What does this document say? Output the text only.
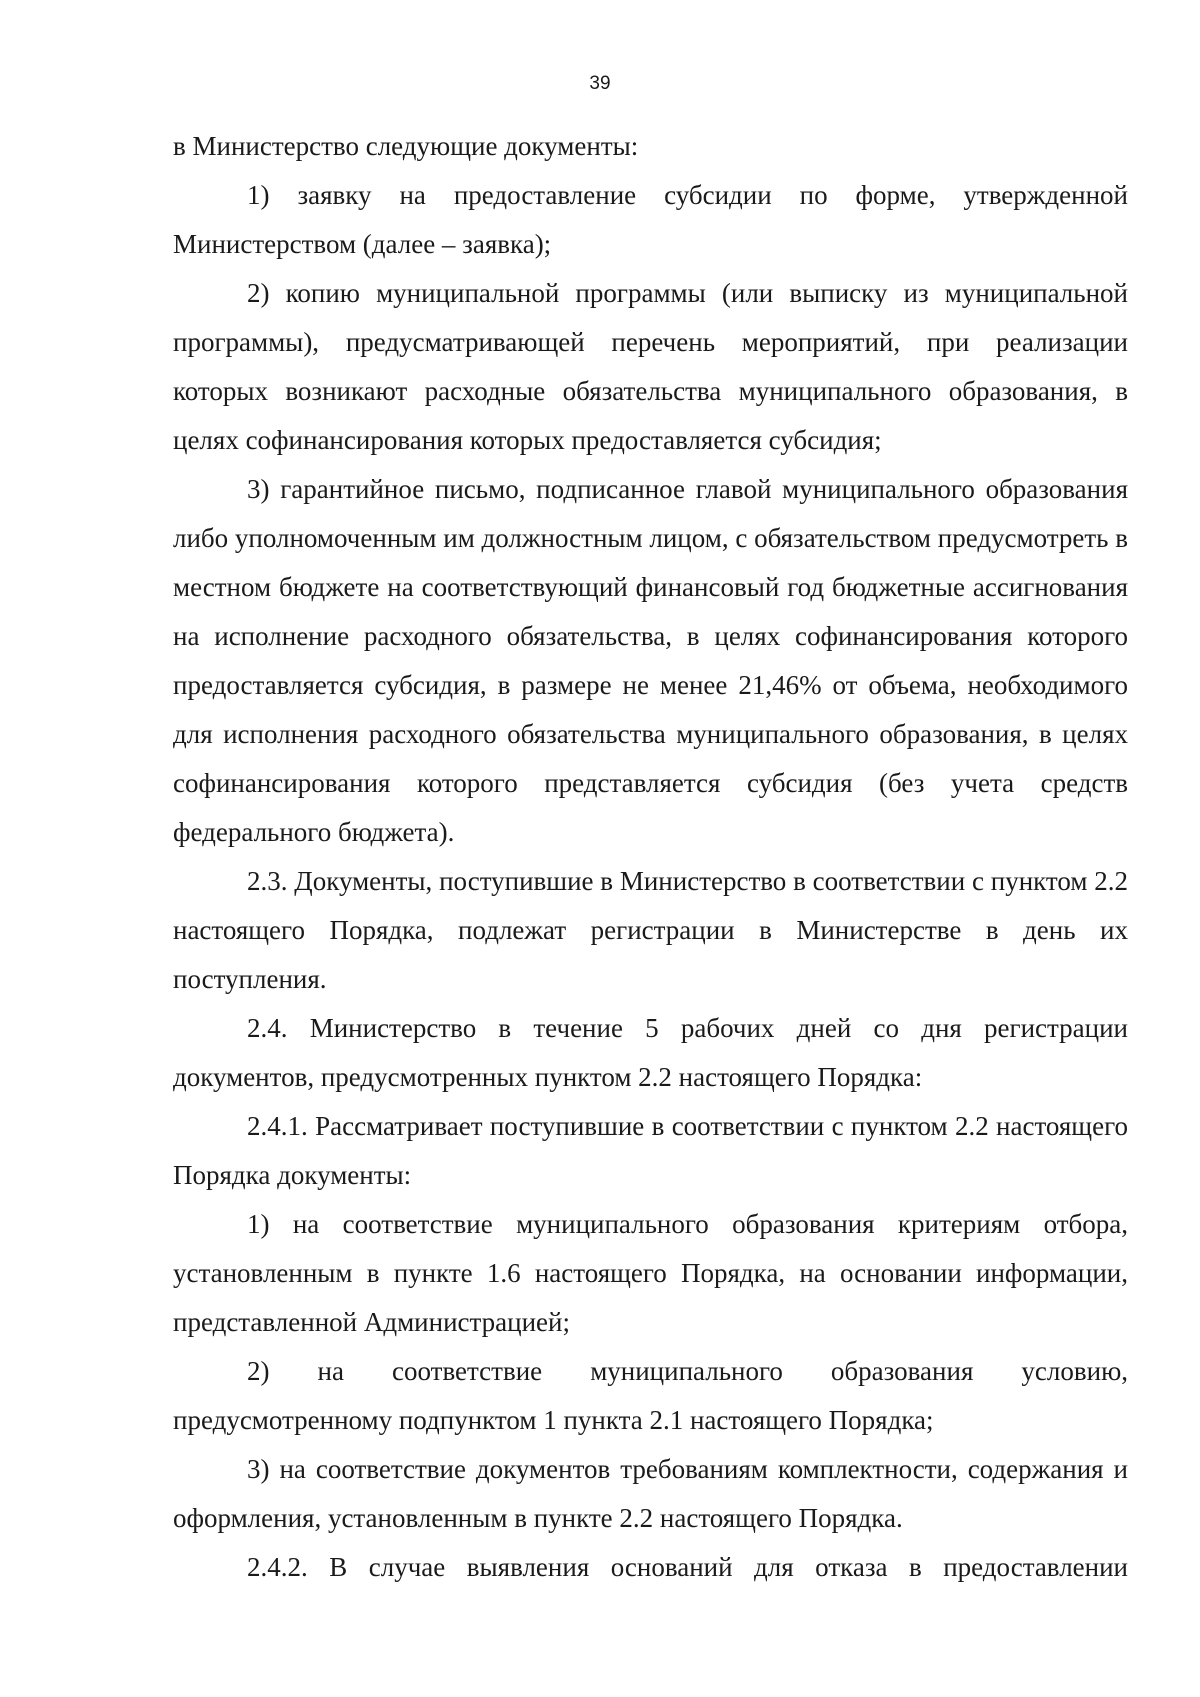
39

в Министерство следующие документы:

1) заявку на предоставление субсидии по форме, утвержденной Министерством (далее – заявка);

2) копию муниципальной программы (или выписку из муниципальной программы), предусматривающей перечень мероприятий, при реализации которых возникают расходные обязательства муниципального образования, в целях софинансирования которых предоставляется субсидия;

3) гарантийное письмо, подписанное главой муниципального образования либо уполномоченным им должностным лицом, с обязательством предусмотреть в местном бюджете на соответствующий финансовый год бюджетные ассигнования на исполнение расходного обязательства, в целях софинансирования которого предоставляется субсидия, в размере не менее 21,46% от объема, необходимого для исполнения расходного обязательства муниципального образования, в целях софинансирования которого представляется субсидия (без учета средств федерального бюджета).

2.3. Документы, поступившие в Министерство в соответствии с пунктом 2.2 настоящего Порядка, подлежат регистрации в Министерстве в день их поступления.

2.4. Министерство в течение 5 рабочих дней со дня регистрации документов, предусмотренных пунктом 2.2 настоящего Порядка:

2.4.1. Рассматривает поступившие в соответствии с пунктом 2.2 настоящего Порядка документы:

1) на соответствие муниципального образования критериям отбора, установленным в пункте 1.6 настоящего Порядка, на основании информации, представленной Администрацией;

2) на соответствие муниципального образования условию, предусмотренному подпунктом 1 пункта 2.1 настоящего Порядка;

3) на соответствие документов требованиям комплектности, содержания и оформления, установленным в пункте 2.2 настоящего Порядка.

2.4.2. В случае выявления оснований для отказа в предоставлении
